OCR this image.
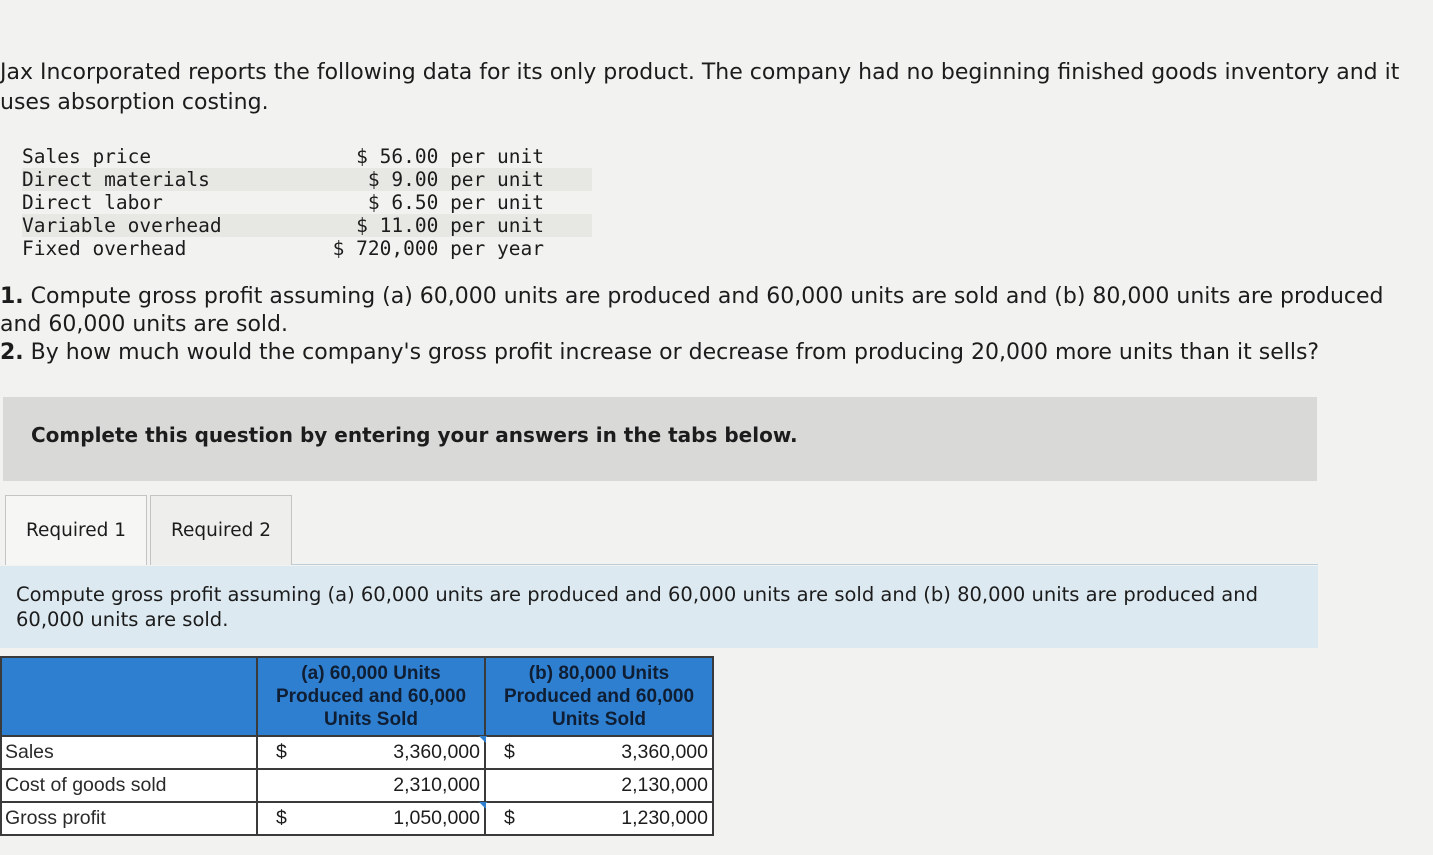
Jax Incorporated reports the following data for its only product. The company had no beginning finished goods inventory and it uses absorption costing.

Sales price	$ 56.00 per unit	
Direct materials	$ 9.00 per unit	
Direct labor	$ 6.50 per unit	
Variable overhead	$ 11.00 per unit	
Fixed overhead	$ 720,000 per year	

1. Compute gross profit assuming (a) 60,000 units are produced and 60,000 units are sold and (b) 80,000 units are produced and 60,000 units are sold.

2. By how much would the company's gross profit increase or decrease from producing 20,000 more units than it sells?

Complete this question by entering your answers in the tabs below.
Required 1	Required 2

Compute gross profit assuming (a) 60,000 units are produced and 60,000 units are sold and (b) 80,000 units are produced and 60,000 units are sold.

	(a) 60,000 Units Produced and 60,000 Units Sold	(b) 80,000 Units Produced and 60,000 Units Sold
Sales	$ 3,360,000	$ 3,360,000

Cost of goods sold	2,310,000	2,130,000

Gross profit	$ 1,050,000	$ 1,230,000
